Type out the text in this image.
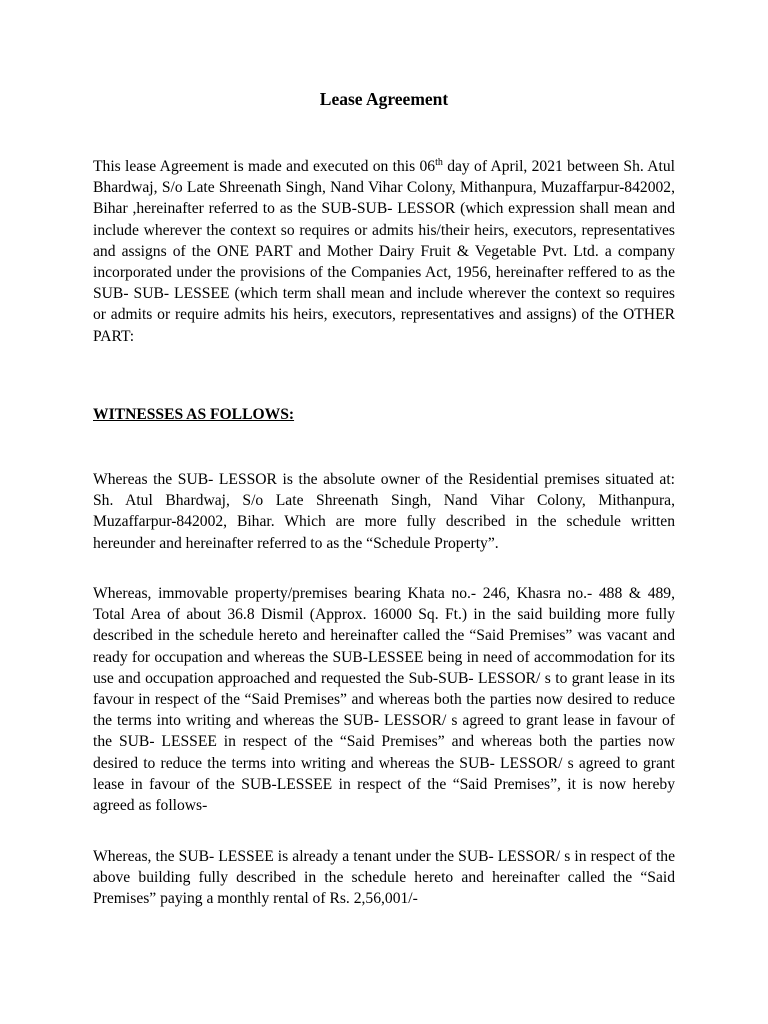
Lease Agreement

This lease Agreement is made and executed on this 06th day of April, 2021 between Sh. Atul Bhardwaj, S/o Late Shreenath Singh, Nand Vihar Colony, Mithanpura, Muzaffarpur-842002, Bihar ,hereinafter referred to as the SUB-SUB- LESSOR (which expression shall mean and include wherever the context so requires or admits his/their heirs, executors, representatives and assigns of the ONE PART and Mother Dairy Fruit & Vegetable Pvt. Ltd. a company incorporated under the provisions of the Companies Act, 1956, hereinafter reffered to as the SUB- SUB- LESSEE (which term shall mean and include wherever the context so requires or admits or require admits his heirs, executors, representatives and assigns) of the OTHER PART:

WITNESSES AS FOLLOWS:

Whereas the SUB- LESSOR is the absolute owner of the Residential premises situated at: Sh. Atul Bhardwaj, S/o Late Shreenath Singh, Nand Vihar Colony, Mithanpura, Muzaffarpur-842002, Bihar. Which are more fully described in the schedule written hereunder and hereinafter referred to as the “Schedule Property”.

Whereas, immovable property/premises bearing Khata no.- 246, Khasra no.- 488 & 489, Total Area of about 36.8 Dismil (Approx. 16000 Sq. Ft.) in the said building more fully described in the schedule hereto and hereinafter called the “Said Premises” was vacant and ready for occupation and whereas the SUB-LESSEE being in need of accommodation for its use and occupation approached and requested the Sub-SUB- LESSOR/ s to grant lease in its favour in respect of the “Said Premises” and whereas both the parties now desired to reduce the terms into writing and whereas the SUB- LESSOR/ s agreed to grant lease in favour of the SUB- LESSEE in respect of the “Said Premises” and whereas both the parties now desired to reduce the terms into writing and whereas the SUB- LESSOR/ s agreed to grant lease in favour of the SUB-LESSEE in respect of the “Said Premises”, it is now hereby agreed as follows-

Whereas, the SUB- LESSEE is already a tenant under the SUB- LESSOR/ s in respect of the above building fully described in the schedule hereto and hereinafter called the “Said Premises” paying a monthly rental of Rs. 2,56,001/-
